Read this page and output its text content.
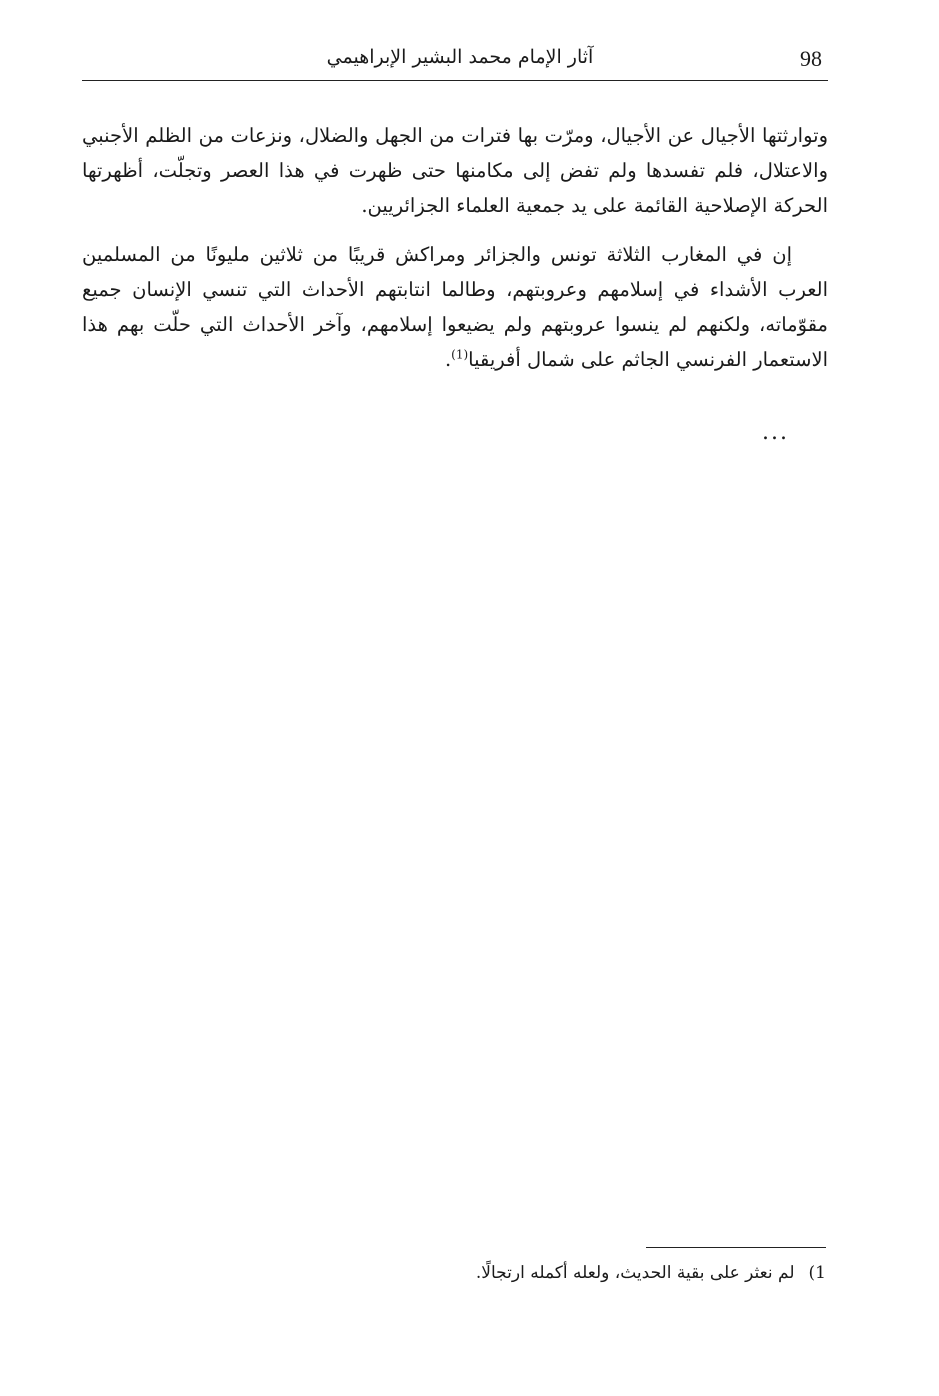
98
آثار الإمام محمد البشير الإبراهيمي

وتوارثتها الأجيال عن الأجيال، ومرّت بها فترات من الجهل والضلال، ونزعات من الظلم الأجنبي والاعتلال، فلم تفسدها ولم تفض إلى مكامنها حتى ظهرت في هذا العصر وتجلّت، أظهرتها الحركة الإصلاحية القائمة على يد جمعية العلماء الجزائريين.

إن في المغارب الثلاثة تونس والجزائر ومراكش قريبًا من ثلاثين مليونًا من المسلمين العرب الأشداء في إسلامهم وعروبتهم، وطالما انتابتهم الأحداث التي تنسي الإنسان جميع مقوّماته، ولكنهم لم ينسوا عروبتهم ولم يضيعوا إسلامهم، وآخر الأحداث التي حلّت بهم هذا الاستعمار الفرنسي الجاثم على شمال أفريقيا$^{(1)}$.

...
1)لم نعثر على بقية الحديث، ولعله أكمله ارتجالًا.
